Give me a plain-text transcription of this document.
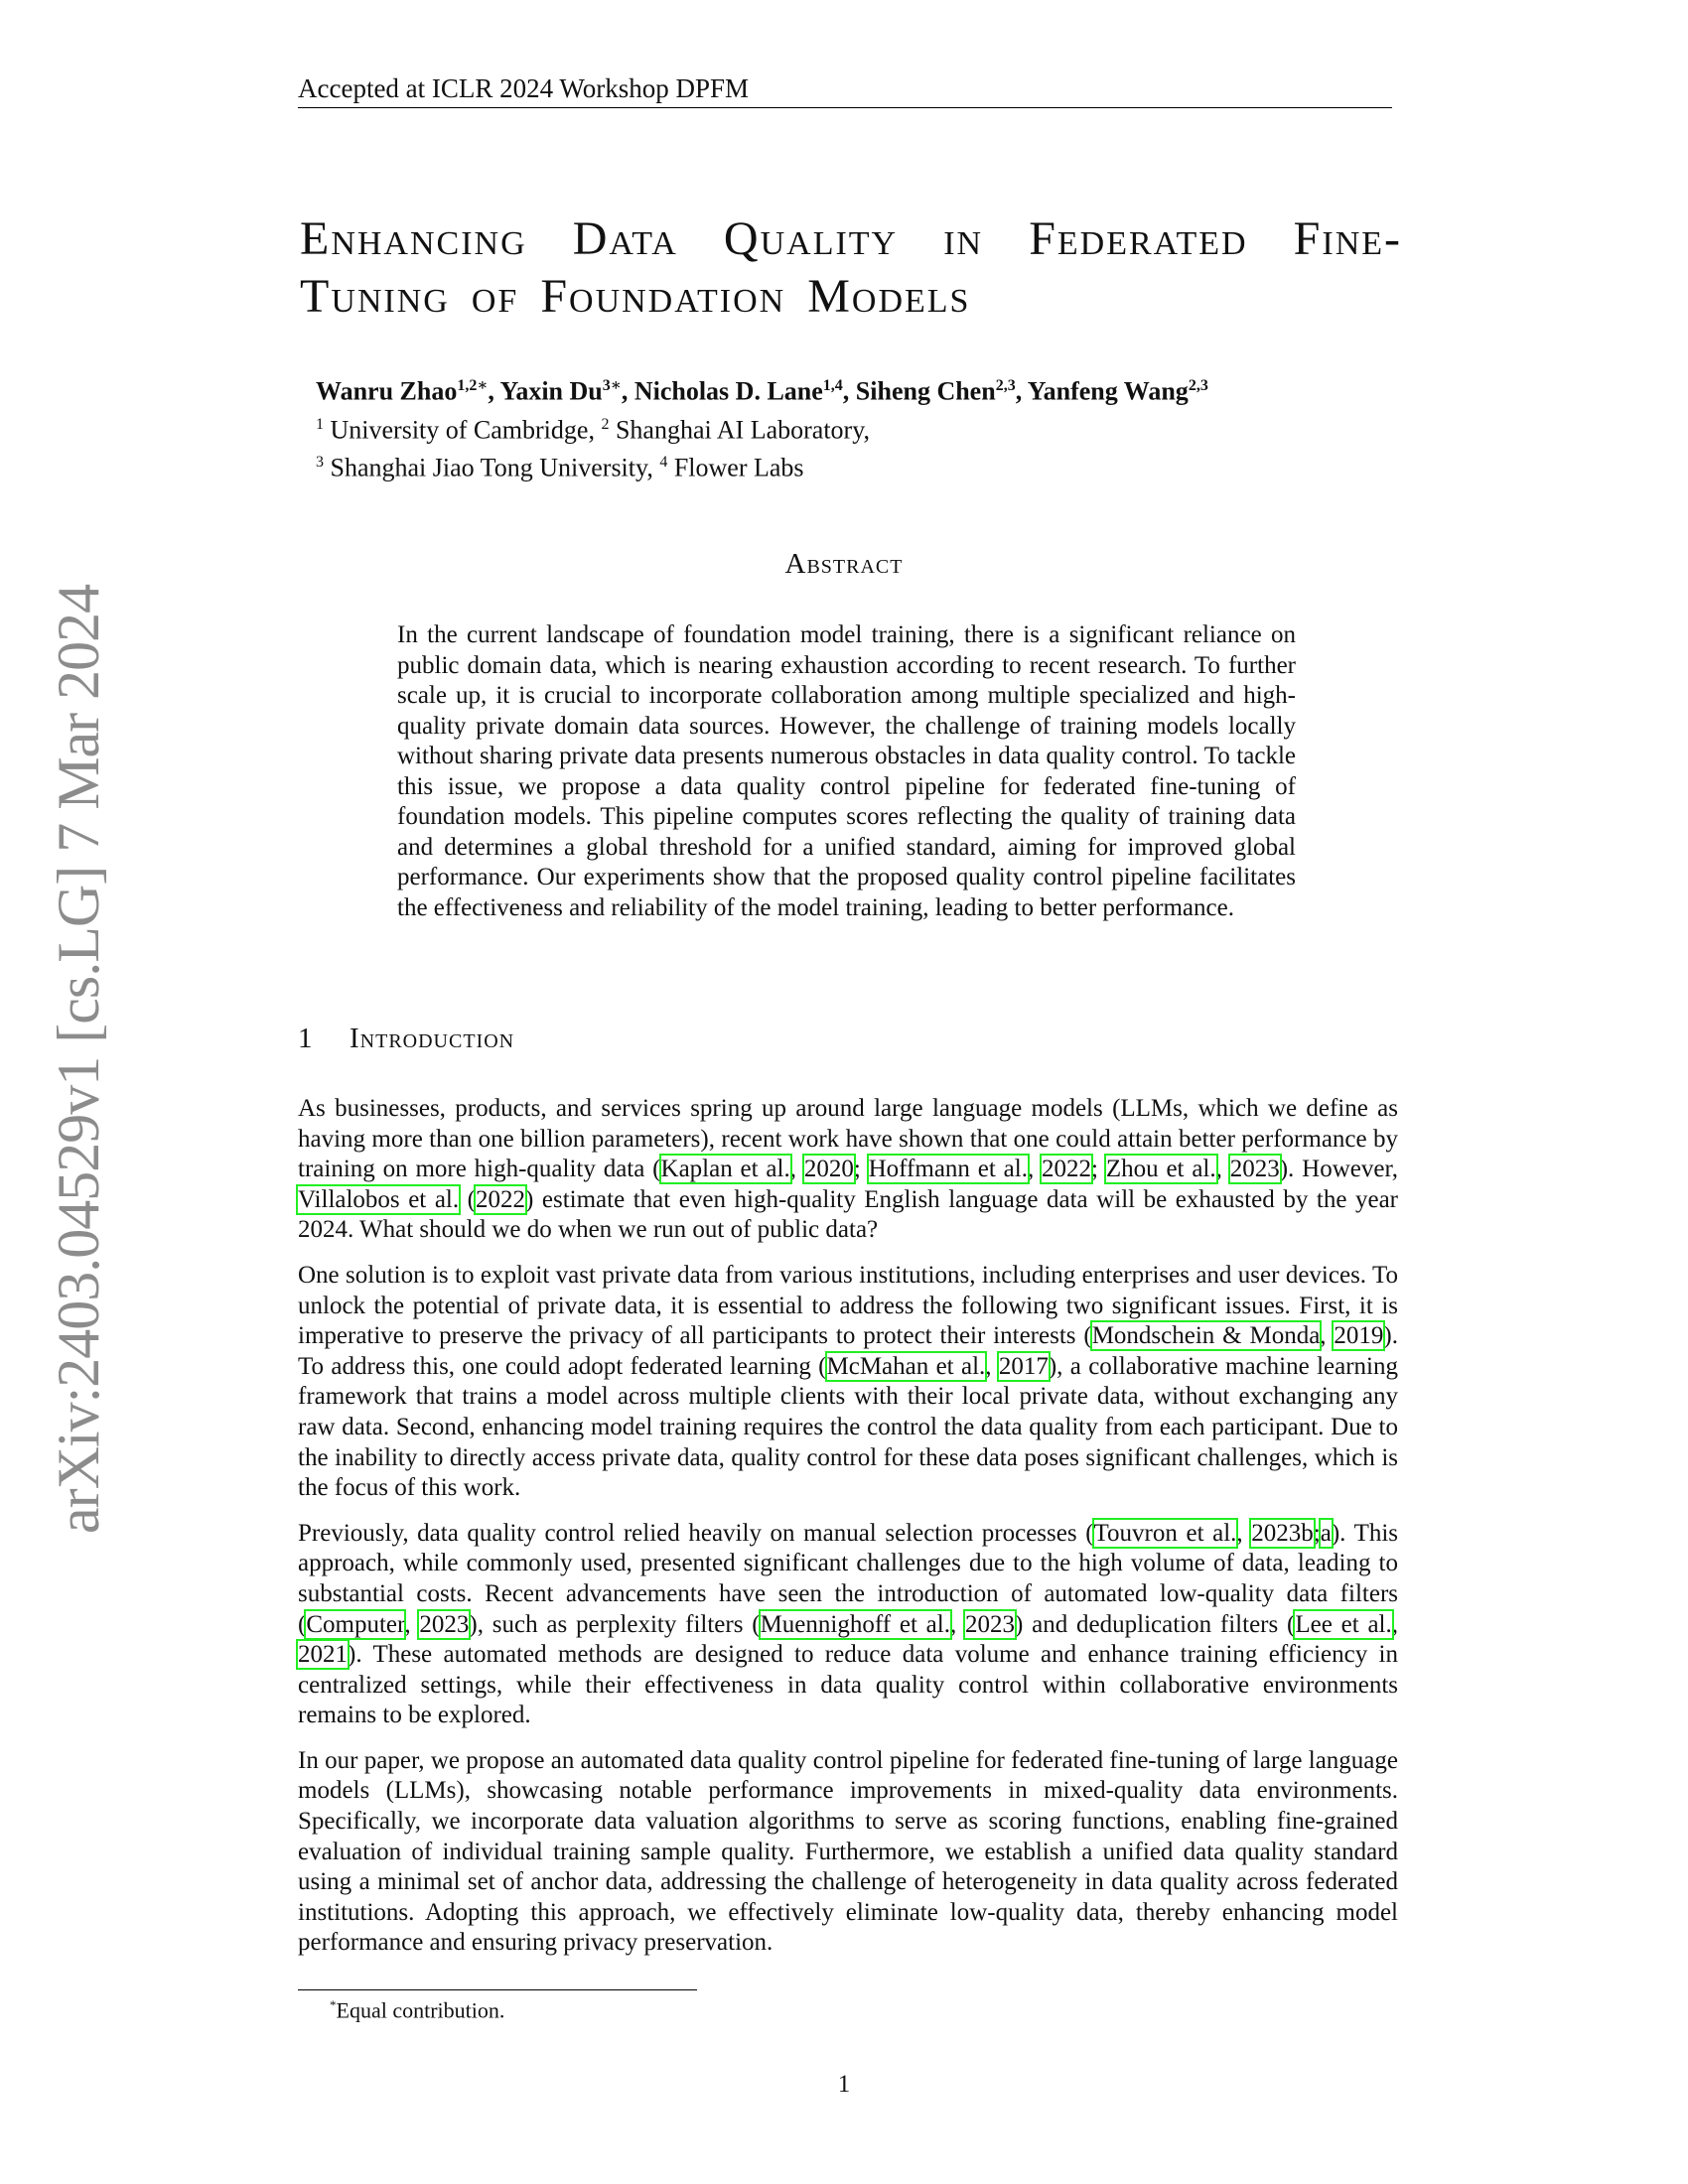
Accepted at ICLR 2024 Workshop DPFM
arXiv:2403.04529v1 [cs.LG] 7 Mar 2024
Enhancing Data Quality in Federated Fine-Tuning of Foundation Models
Wanru Zhao$^{1,2∗}$, Yaxin $Du^{3∗}$, Nicholas D. Lane$^{1,4}$, Siheng Chen$^{2,3}$, Yanfeng Wang$^{2,3}$
$^1$ University of Cambridge, $^2$ Shanghai AI Laboratory,
$^3$ Shanghai Jiao Tong University, $^4$ Flower Labs
Abstract
In the current landscape of foundation model training, there is a significant reliance on public domain data, which is nearing exhaustion according to recent research. To further scale up, it is crucial to incorporate collaboration among multiple specialized and high-quality private domain data sources. However, the challenge of training models locally without sharing private data presents numerous obstacles in data quality control. To tackle this issue, we propose a data quality control pipeline for federated fine-tuning of foundation models. This pipeline computes scores reflecting the quality of training data and determines a global threshold for a unified standard, aiming for improved global performance. Our experiments show that the proposed quality control pipeline facilitates the effectiveness and reliability of the model training, leading to better performance.
1 Introduction

As businesses, products, and services spring up around large language models (LLMs, which we define as having more than one billion parameters), recent work have shown that one could attain better performance by training on more high-quality data (Kaplan et al., 2020; Hoffmann et al., 2022; Zhou et al., 2023). However, Villalobos et al. (2022) estimate that even high-quality English language data will be exhausted by the year 2024. What should we do when we run out of public data?

One solution is to exploit vast private data from various institutions, including enterprises and user devices. To unlock the potential of private data, it is essential to address the following two significant issues. First, it is imperative to preserve the privacy of all participants to protect their interests (Mondschein & Monda, 2019). To address this, one could adopt federated learning (McMahan et al., 2017), a collaborative machine learning framework that trains a model across multiple clients with their local private data, without exchanging any raw data. Second, enhancing model training requires the control the data quality from each participant. Due to the inability to directly access private data, quality control for these data poses significant challenges, which is the focus of this work.

Previously, data quality control relied heavily on manual selection processes (Touvron et al., 2023b;a). This approach, while commonly used, presented significant challenges due to the high volume of data, leading to substantial costs. Recent advancements have seen the introduction of automated low-quality data filters (Computer, 2023), such as perplexity filters (Muennighoff et al., 2023) and deduplication filters (Lee et al., 2021). These automated methods are designed to reduce data volume and enhance training efficiency in centralized settings, while their effectiveness in data quality control within collaborative environments remains to be explored.

In our paper, we propose an automated data quality control pipeline for federated fine-tuning of large language models (LLMs), showcasing notable performance improvements in mixed-quality data environments. Specifically, we incorporate data valuation algorithms to serve as scoring functions, enabling fine-grained evaluation of individual training sample quality. Furthermore, we establish a unified data quality standard using a minimal set of anchor data, addressing the challenge of heterogeneity in data quality across federated institutions. Adopting this approach, we effectively eliminate low-quality data, thereby enhancing model performance and ensuring privacy preservation.

*Equal contribution.
1
